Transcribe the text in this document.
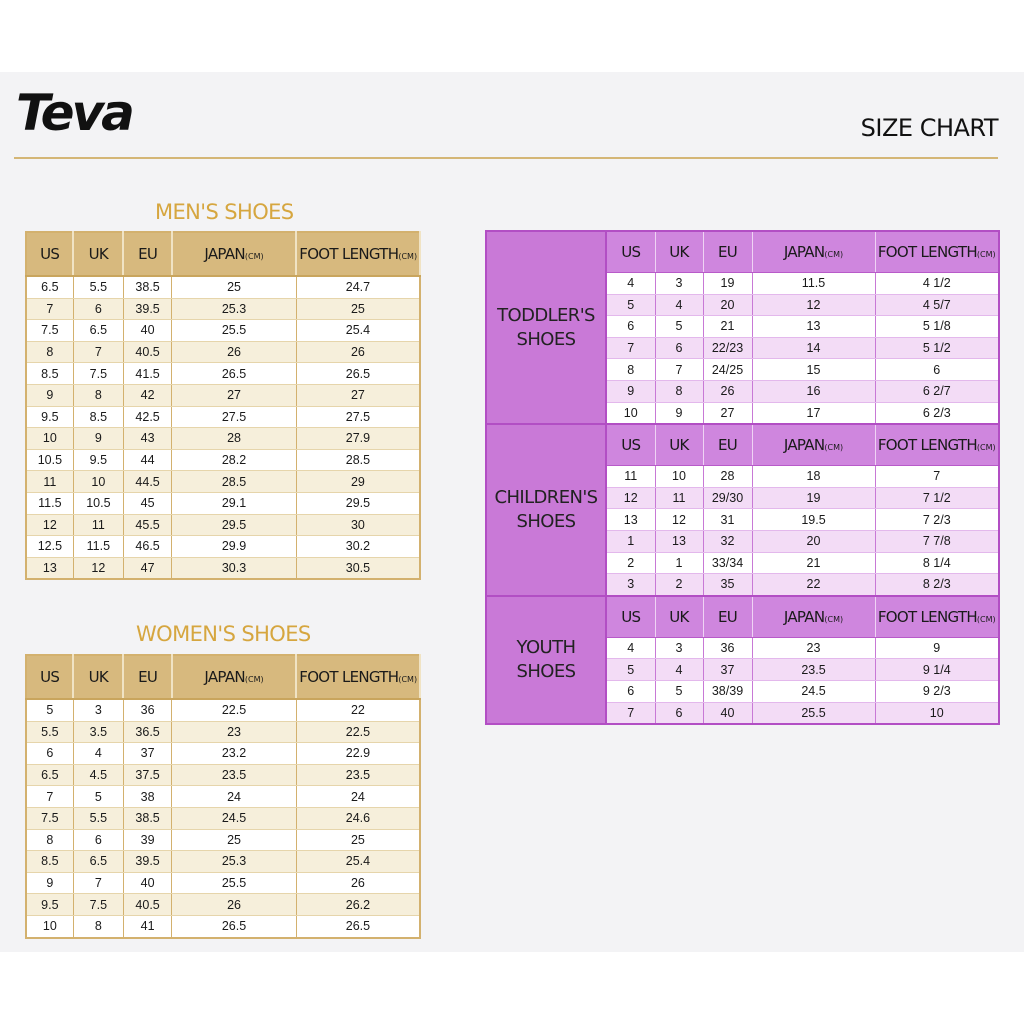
Teva	SIZE CHART
MEN'S SHOES
US	UK	EU	JAPAN(CM)	FOOT LENGTH(CM)
6.5	5.5	38.5	25	24.7
7	6	39.5	25.3	25
7.5	6.5	40	25.5	25.4
8	7	40.5	26	26
8.5	7.5	41.5	26.5	26.5
9	8	42	27	27
9.5	8.5	42.5	27.5	27.5
10	9	43	28	27.9
10.5	9.5	44	28.2	28.5
11	10	44.5	28.5	29
11.5	10.5	45	29.1	29.5
12	11	45.5	29.5	30
12.5	11.5	46.5	29.9	30.2
13	12	47	30.3	30.5
WOMEN'S SHOES
US	UK	EU	JAPAN(CM)	FOOT LENGTH(CM)
5	3	36	22.5	22
5.5	3.5	36.5	23	22.5
6	4	37	23.2	22.9
6.5	4.5	37.5	23.5	23.5
7	5	38	24	24
7.5	5.5	38.5	24.5	24.6
8	6	39	25	25
8.5	6.5	39.5	25.3	25.4
9	7	40	25.5	26
9.5	7.5	40.5	26	26.2
10	8	41	26.5	26.5
TODDLER'S SHOES	US	UK	EU	JAPAN(CM)	FOOT LENGTH(CM)
	4	3	19	11.5	4 1/2
	5	4	20	12	4 5/7
	6	5	21	13	5 1/8
	7	6	22/23	14	5 1/2
	8	7	24/25	15	6
	9	8	26	16	6 2/7
	10	9	27	17	6 2/3
CHILDREN'S SHOES	US	UK	EU	JAPAN(CM)	FOOT LENGTH(CM)
	11	10	28	18	7
	12	11	29/30	19	7 1/2
	13	12	31	19.5	7 2/3
	1	13	32	20	7 7/8
	2	1	33/34	21	8 1/4
	3	2	35	22	8 2/3
YOUTH SHOES	US	UK	EU	JAPAN(CM)	FOOT LENGTH(CM)
	4	3	36	23	9
	5	4	37	23.5	9 1/4
	6	5	38/39	24.5	9 2/3
	7	6	40	25.5	10
